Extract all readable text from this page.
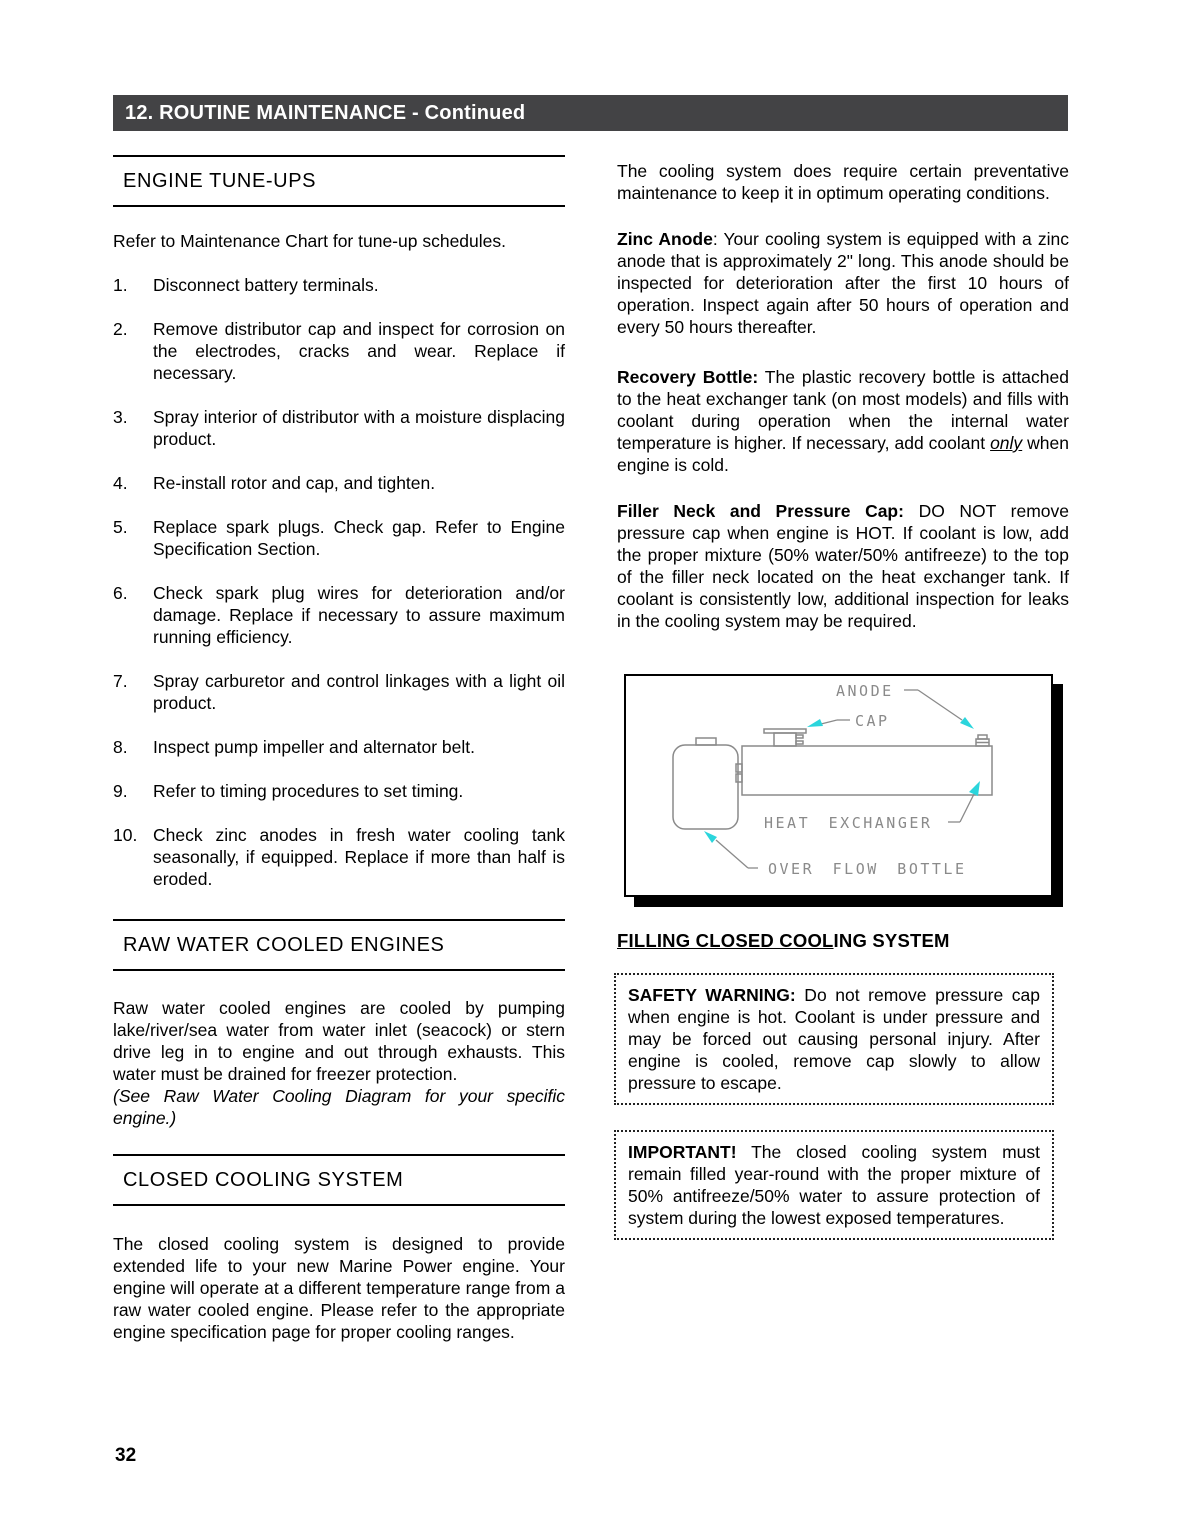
12. ROUTINE MAINTENANCE - Continued
ENGINE TUNE-UPS
Refer to Maintenance Chart for tune-up schedules.
1.	Disconnect battery terminals.
2.	Remove distributor cap and inspect for corrosion on the electrodes, cracks and wear. Replace if necessary.
3.	Spray interior of distributor with a moisture displacing product.
4.	Re-install rotor and cap, and tighten.
5.	Replace spark plugs. Check gap. Refer to Engine Specification Section.
6.	Check spark plug wires for deterioration and/or damage. Replace if necessary to assure maximum running efficiency.
7.	Spray carburetor and control linkages with a light oil product.
8.	Inspect pump impeller and alternator belt.
9.	Refer to timing procedures to set timing.
10. Check zinc anodes in fresh water cooling tank seasonally, if equipped. Replace if more than half is eroded.
RAW WATER COOLED ENGINES
Raw water cooled engines are cooled by pumping lake/river/sea water from water inlet (seacock) or stern drive leg in to engine and out through exhausts. This water must be drained for freezer protection.
(See Raw Water Cooling Diagram for your specific engine.)
CLOSED COOLING SYSTEM
The closed cooling system is designed to provide extended life to your new Marine Power engine. Your engine will operate at a different temperature range from a raw water cooled engine. Please refer to the appropriate engine specification page for proper cooling ranges.
The cooling system does require certain preventative maintenance to keep it in optimum operating conditions.
Zinc Anode: Your cooling system is equipped with a zinc anode that is approximately 2" long. This anode should be inspected for deterioration after the first 10 hours of operation. Inspect again after 50 hours of operation and every 50 hours thereafter.
Recovery Bottle: The plastic recovery bottle is attached to the heat exchanger tank (on most models) and fills with coolant during operation when the internal water temperature is higher. If necessary, add coolant only when engine is cold.
Filler Neck and Pressure Cap: DO NOT remove pressure cap when engine is HOT. If coolant is low, add the proper mixture (50% water/50% antifreeze) to the top of the filler neck located on the heat exchanger tank. If coolant is consistently low, additional inspection for leaks in the cooling system may be required.
ANODE
CAP
HEAT EXCHANGER
OVER FLOW BOTTLE
FILLING CLOSED COOLING SYSTEM
SAFETY WARNING: Do not remove pressure cap when engine is hot. Coolant is under pressure and may be forced out causing personal injury. After engine is cooled, remove cap slowly to allow pressure to escape.
IMPORTANT! The closed cooling system must remain filled year-round with the proper mixture of 50% antifreeze/50% water to assure protection of system during the lowest exposed temperatures.
32
